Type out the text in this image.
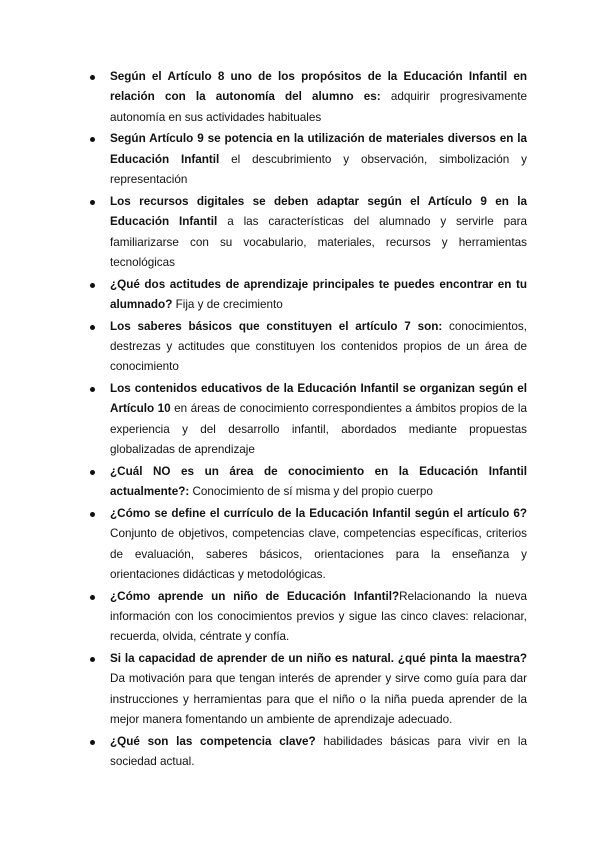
Según el Artículo 8 uno de los propósitos de la Educación Infantil en relación con la autonomía del alumno es: adquirir progresivamente autonomía en sus actividades habituales
Según Artículo 9 se potencia en la utilización de materiales diversos en la Educación Infantil el descubrimiento y observación, simbolización y representación
Los recursos digitales se deben adaptar según el Artículo 9 en la Educación Infantil a las características del alumnado y servirle para familiarizarse con su vocabulario, materiales, recursos y herramientas tecnológicas
¿Qué dos actitudes de aprendizaje principales te puedes encontrar en tu alumnado? Fija y de crecimiento
Los saberes básicos que constituyen el artículo 7 son: conocimientos, destrezas y actitudes que constituyen los contenidos propios de un área de conocimiento
Los contenidos educativos de la Educación Infantil se organizan según el Artículo 10 en áreas de conocimiento correspondientes a ámbitos propios de la experiencia y del desarrollo infantil, abordados mediante propuestas globalizadas de aprendizaje
¿Cuál NO es un área de conocimiento en la Educación Infantil actualmente?: Conocimiento de sí misma y del propio cuerpo
¿Cómo se define el currículo de la Educación Infantil según el artículo 6? Conjunto de objetivos, competencias clave, competencias específicas, criterios de evaluación, saberes básicos, orientaciones para la enseñanza y orientaciones didácticas y metodológicas.
¿Cómo aprende un niño de Educación Infantil?Relacionando la nueva información con los conocimientos previos y sigue las cinco claves: relacionar, recuerda, olvida, céntrate y confía.
Si la capacidad de aprender de un niño es natural. ¿qué pinta la maestra? Da motivación para que tengan interés de aprender y sirve como guía para dar instrucciones y herramientas para que el niño o la niña pueda aprender de la mejor manera fomentando un ambiente de aprendizaje adecuado.
¿Qué son las competencia clave? habilidades básicas para vivir en la sociedad actual.
